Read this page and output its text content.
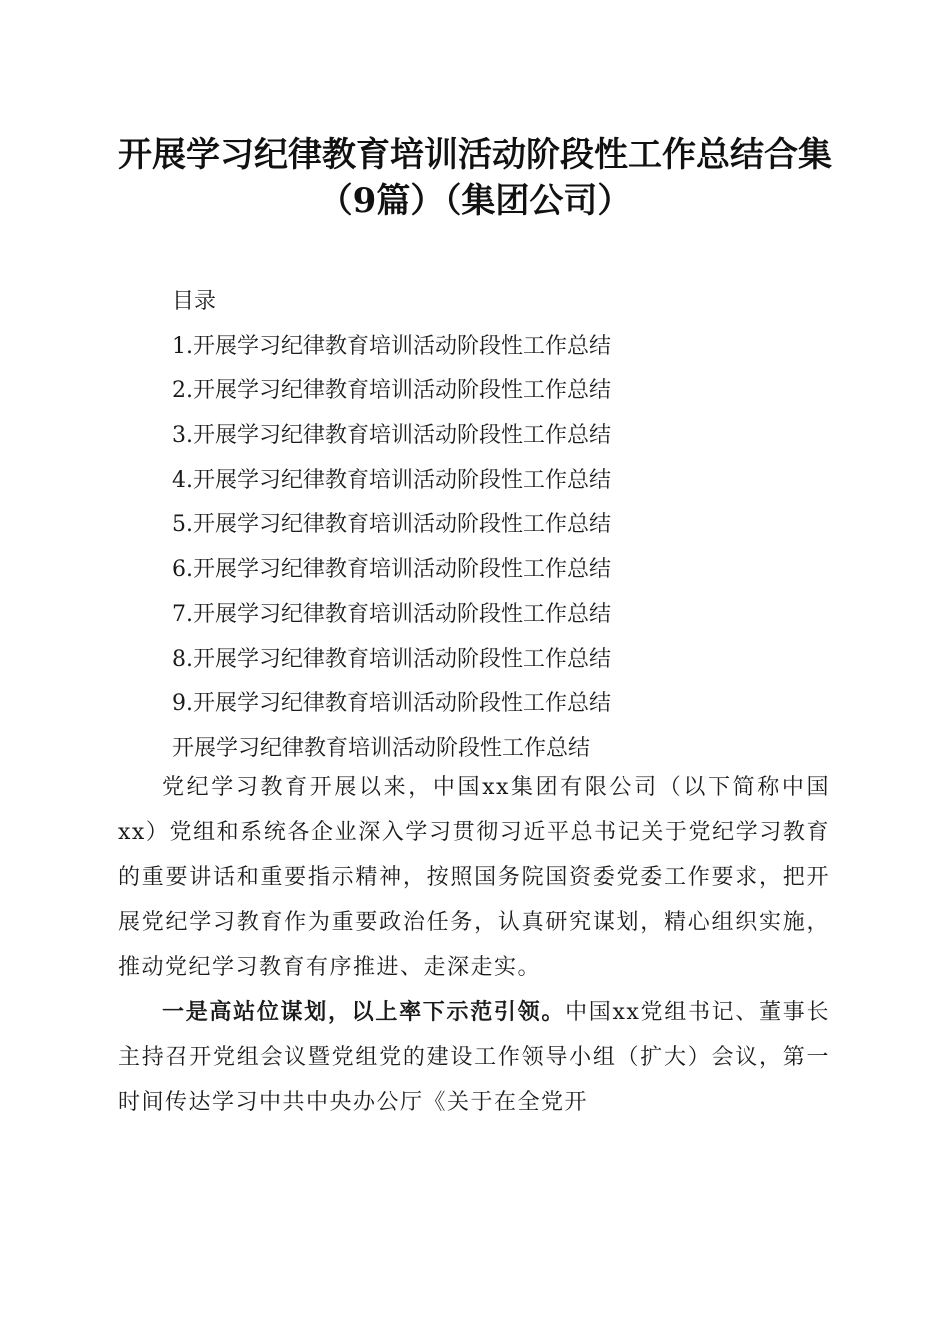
开展学习纪律教育培训活动阶段性工作总结合集（9篇）（集团公司）
目录
1.开展学习纪律教育培训活动阶段性工作总结
2.开展学习纪律教育培训活动阶段性工作总结
3.开展学习纪律教育培训活动阶段性工作总结
4.开展学习纪律教育培训活动阶段性工作总结
5.开展学习纪律教育培训活动阶段性工作总结
6.开展学习纪律教育培训活动阶段性工作总结
7.开展学习纪律教育培训活动阶段性工作总结
8.开展学习纪律教育培训活动阶段性工作总结
9.开展学习纪律教育培训活动阶段性工作总结
开展学习纪律教育培训活动阶段性工作总结

党纪学习教育开展以来，中国xx集团有限公司（以下简称中国xx）党组和系统各企业深入学习贯彻习近平总书记关于党纪学习教育的重要讲话和重要指示精神，按照国务院国资委党委工作要求，把开展党纪学习教育作为重要政治任务，认真研究谋划，精心组织实施，推动党纪学习教育有序推进、走深走实。

一是高站位谋划，以上率下示范引领。中国xx党组书记、董事长主持召开党组会议暨党组党的建设工作领导小组（扩大）会议，第一时间传达学习中共中央办公厅《关于在全党开
